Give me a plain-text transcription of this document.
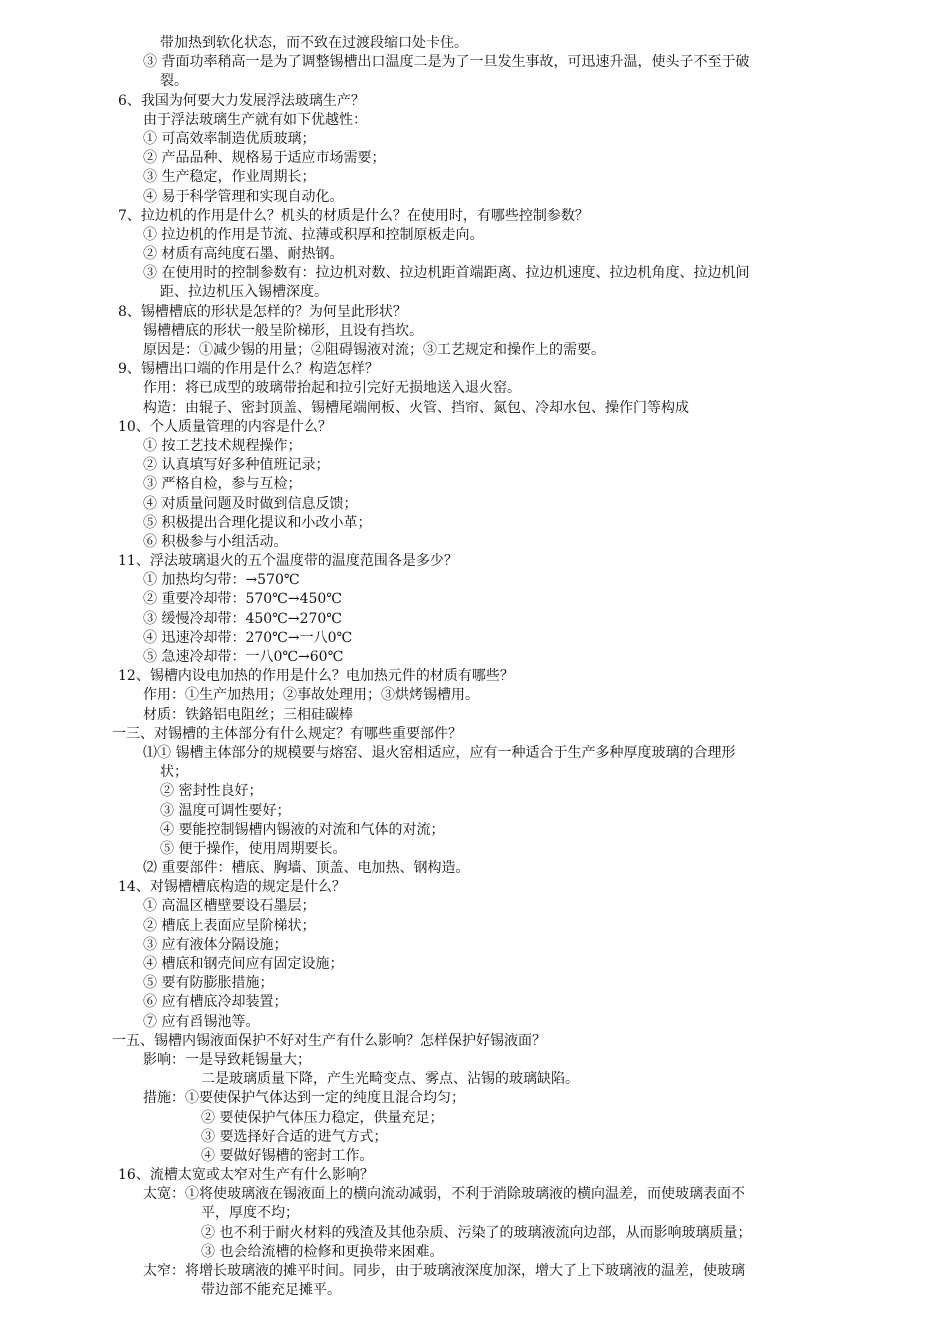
带加热到软化状态，而不致在过渡段缩口处卡住。
③ 背面功率稍高一是为了调整锡槽出口温度二是为了一旦发生事故，可迅速升温，使头子不至于破
裂。
6、我国为何要大力发展浮法玻璃生产？
由于浮法玻璃生产就有如下优越性：
① 可高效率制造优质玻璃；
② 产品品种、规格易于适应市场需要；
③ 生产稳定，作业周期长；
④ 易于科学管理和实现自动化。
7、拉边机的作用是什么？机头的材质是什么？在使用时，有哪些控制参数？
① 拉边机的作用是节流、拉薄或积厚和控制原板走向。
② 材质有高纯度石墨、耐热钢。
③ 在使用时的控制参数有：拉边机对数、拉边机距首端距离、拉边机速度、拉边机角度、拉边机间
距、拉边机压入锡槽深度。
8、锡槽槽底的形状是怎样的？为何呈此形状？
锡槽槽底的形状一般呈阶梯形，且设有挡坎。
原因是：①减少锡的用量；②阻碍锡液对流；③工艺规定和操作上的需要。
9、锡槽出口端的作用是什么？构造怎样？
作用：将已成型的玻璃带抬起和拉引完好无损地送入退火窑。
构造：由辊子、密封顶盖、锡槽尾端闸板、火管、挡帘、氮包、冷却水包、操作门等构成
10、个人质量管理的内容是什么？
① 按工艺技术规程操作；
② 认真填写好多种值班记录；
③ 严格自检，参与互检；
④ 对质量问题及时做到信息反馈；
⑤ 积极提出合理化提议和小改小革；
⑥ 积极参与小组活动。
11、浮法玻璃退火的五个温度带的温度范围各是多少？
① 加热均匀带：→570℃
② 重要冷却带：570℃→450℃
③ 缓慢冷却带：450℃→270℃
④ 迅速冷却带：270℃→一八0℃
⑤ 急速冷却带：一八0℃→60℃
12、锡槽内设电加热的作用是什么？电加热元件的材质有哪些？
作用：①生产加热用；②事故处理用；③烘烤锡槽用。
材质：铁鉻铝电阻丝；三相硅碳棒
一三、对锡槽的主体部分有什么规定？有哪些重要部件？
⑴① 锡槽主体部分的规模要与熔窑、退火窑相适应，应有一种适合于生产多种厚度玻璃的合理形
状；
② 密封性良好；
③ 温度可调性要好；
④ 要能控制锡槽内锡液的对流和气体的对流；
⑤ 便于操作，使用周期要长。
⑵ 重要部件：槽底、胸墙、顶盖、电加热、钢构造。
14、对锡槽槽底构造的规定是什么？
① 高温区槽壁要设石墨层；
② 槽底上表面应呈阶梯状；
③ 应有液体分隔设施；
④ 槽底和钢壳间应有固定设施；
⑤ 要有防膨胀措施；
⑥ 应有槽底冷却装置；
⑦ 应有舀锡池等。
一五、锡槽内锡液面保护不好对生产有什么影响？怎样保护好锡液面？
影响：一是导致耗锡量大；
二是玻璃质量下降，产生光畸变点、雾点、沾锡的玻璃缺陷。
措施：①要使保护气体达到一定的纯度且混合均匀；
② 要使保护气体压力稳定，供量充足；
③ 要选择好合适的进气方式；
④ 要做好锡槽的密封工作。
16、流槽太宽或太窄对生产有什么影响？
太宽：①将使玻璃液在锡液面上的横向流动减弱，不利于消除玻璃液的横向温差，而使玻璃表面不
平，厚度不均；
② 也不利于耐火材料的残渣及其他杂质、污染了的玻璃液流向边部，从而影响玻璃质量；
③ 也会给流槽的检修和更换带来困难。
太窄：将增长玻璃液的摊平时间。同步，由于玻璃液深度加深，增大了上下玻璃液的温差，使玻璃
带边部不能充足摊平。
